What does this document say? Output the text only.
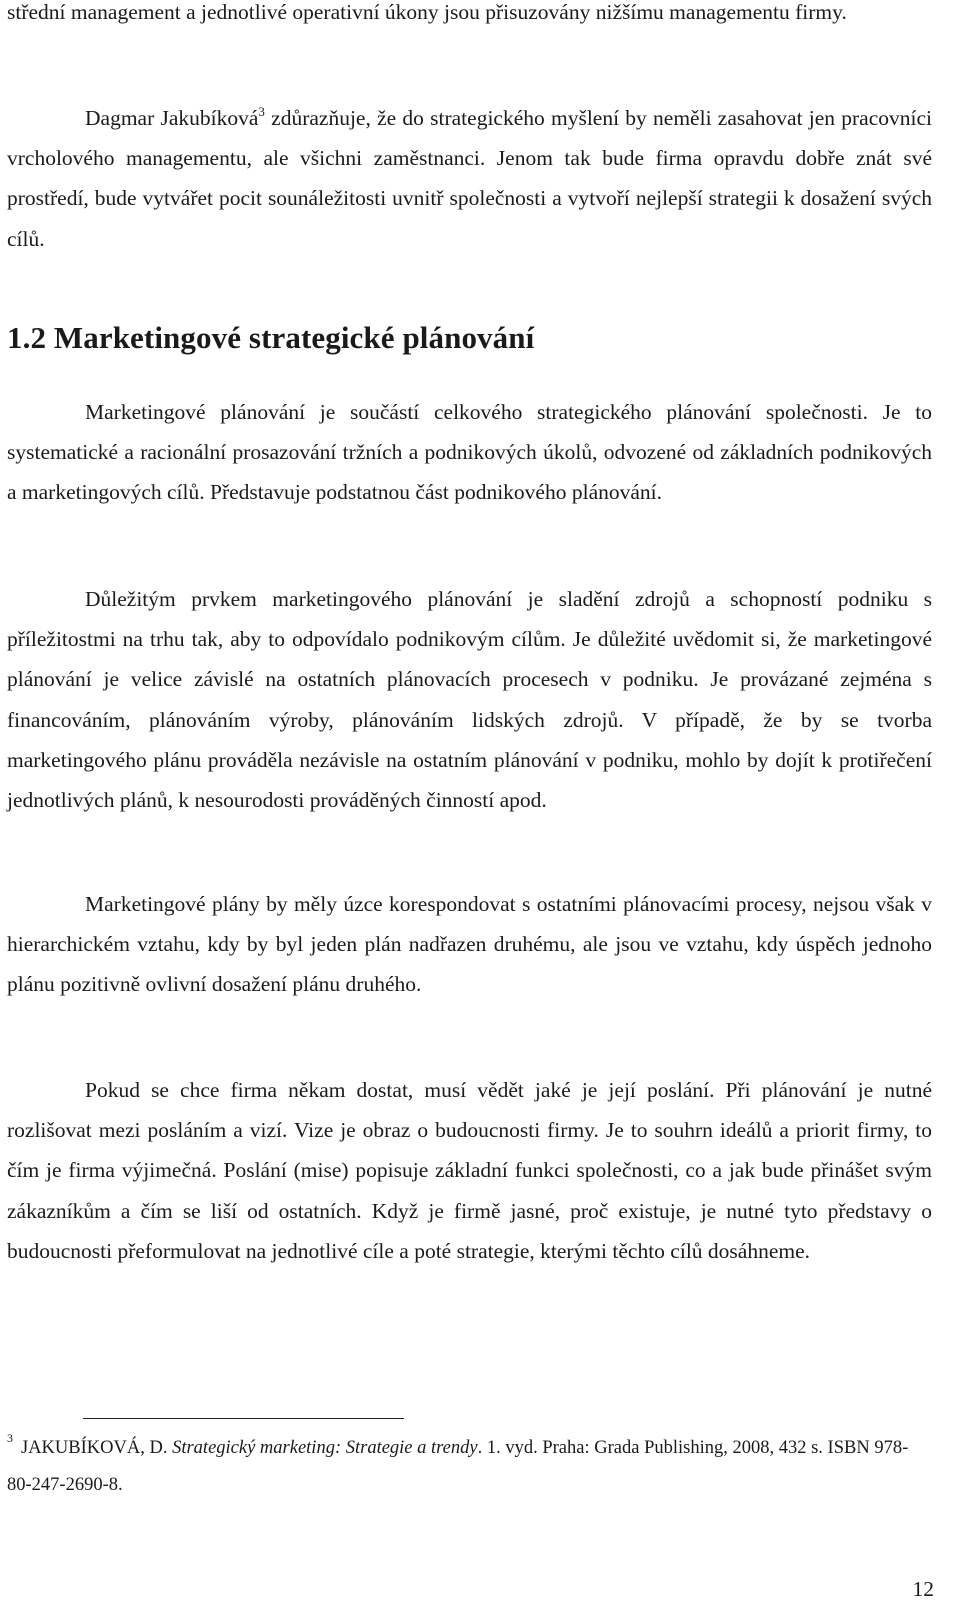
střední management a jednotlivé operativní úkony jsou přisuzovány nižšímu managementu firmy.

Dagmar Jakubíková$^3$ zdůrazňuje, že do strategického myšlení by neměli zasahovat jen pracovníci vrcholového managementu, ale všichni zaměstnanci. Jenom tak bude firma opravdu dobře znát své prostředí, bude vytvářet pocit sounáležitosti uvnitř společnosti a vytvoří nejlepší strategii k dosažení svých cílů.

1.2 Marketingové strategické plánování

Marketingové plánování je součástí celkového strategického plánování společnosti. Je to systematické a racionální prosazování tržních a podnikových úkolů, odvozené od základních podnikových a marketingových cílů. Představuje podstatnou část podnikového plánování.

Důležitým prvkem marketingového plánování je sladění zdrojů a schopností podniku s příležitostmi na trhu tak, aby to odpovídalo podnikovým cílům. Je důležité uvědomit si, že marketingové plánování je velice závislé na ostatních plánovacích procesech v podniku. Je provázané zejména s financováním, plánováním výroby, plánováním lidských zdrojů. V případě, že by se tvorba marketingového plánu prováděla nezávisle na ostatním plánování v podniku, mohlo by dojít k protiřečení jednotlivých plánů, k nesourodosti prováděných činností apod.

Marketingové plány by měly úzce korespondovat s ostatními plánovacími procesy, nejsou však v hierarchickém vztahu, kdy by byl jeden plán nadřazen druhému, ale jsou ve vztahu, kdy úspěch jednoho plánu pozitivně ovlivní dosažení plánu druhého.

Pokud se chce firma někam dostat, musí vědět jaké je její poslání. Při plánování je nutné rozlišovat mezi posláním a vizí. Vize je obraz o budoucnosti firmy. Je to souhrn ideálů a priorit firmy, to čím je firma výjimečná. Poslání (mise) popisuje základní funkci společnosti, co a jak bude přinášet svým zákazníkům a čím se liší od ostatních. Když je firmě jasné, proč existuje, je nutné tyto představy o budoucnosti přeformulovat na jednotlivé cíle a poté strategie, kterými těchto cílů dosáhneme.

$^3$ JAKUBÍKOVÁ, D. Strategický marketing: Strategie a trendy. 1. vyd. Praha: Grada Publishing, 2008, 432 s. ISBN 978-80-247-2690-8.
12
